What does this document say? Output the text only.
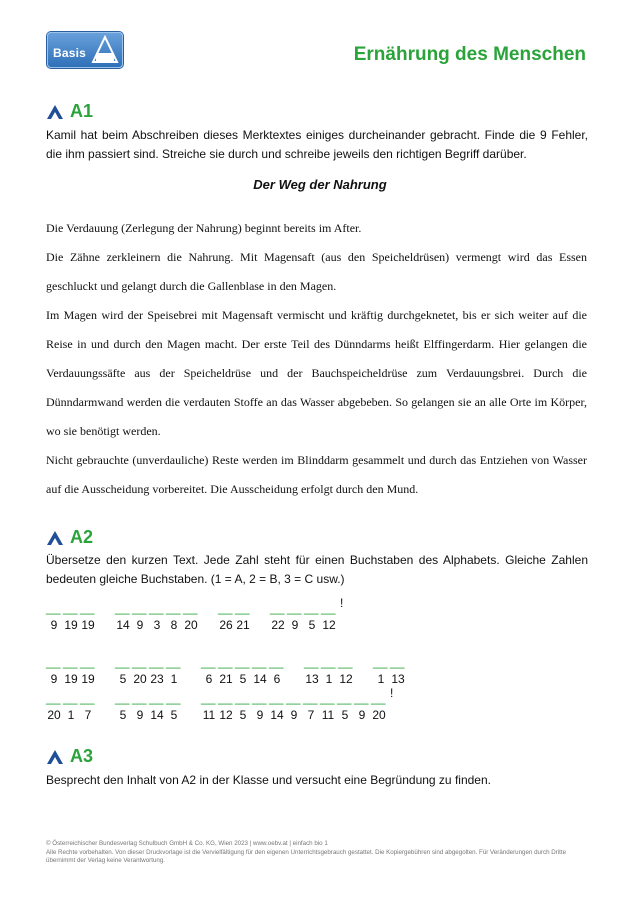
Basis	Ernährung des Menschen
A1
Kamil hat beim Abschreiben dieses Merktextes einiges durcheinander gebracht. Finde die 9 Fehler, die ihm passiert sind. Streiche sie durch und schreibe jeweils den richtigen Begriff darüber.
Der Weg der Nahrung

Die Verdauung (Zerlegung der Nahrung) beginnt bereits im After.

Die Zähne zerkleinern die Nahrung. Mit Magensaft (aus den Speicheldrüsen) vermengt wird das Essen geschluckt und gelangt durch die Gallenblase in den Magen.

Im Magen wird der Speisebrei mit Magensaft vermischt und kräftig durchgeknetet, bis er sich weiter auf die Reise in und durch den Magen macht. Der erste Teil des Dünndarms heißt Elffingerdarm. Hier gelangen die Verdauungssäfte aus der Speicheldrüse und der Bauchspeicheldrüse zum Verdauungsbrei. Durch die Dünndarmwand werden die verdauten Stoffe an das Wasser abgebeben. So gelangen sie an alle Orte im Körper, wo sie benötigt werden.

Nicht gebrauchte (unverdauliche) Reste werden im Blinddarm gesammelt und durch das Entziehen von Wasser auf die Ausscheidung vorbereitet. Die Ausscheidung erfolgt durch den Mund.

A2
Übersetze den kurzen Text. Jede Zahl steht für einen Buchstaben des Alphabets. Gleiche Zahlen bedeuten gleiche Buchstaben. (1 = A, 2 = B, 3 = C usw.)
__
9
__
19
__
19
__
14
__
9
__
3
__
8
__
20
__
26
__
21
__
22
__
9
__
5
__
12
!
__
9
__
19
__
19
__
5
__
20
__
23
__
1
__
6
__
21
__
5
__
14
__
6
__
13
__
1
__
12
__
1
__
13
__
20
__
1
__
7
__
5
__
9
__
14
__
5
__
11
__
12
__
5
__
9
__
14
__
9
__
7
__
11
__
5
__
9
__
20
!
A3
Besprecht den Inhalt von A2 in der Klasse und versucht eine Begründung zu finden.
© Österreichischer Bundesverlag Schulbuch GmbH & Co. KG, Wien 2023 | www.oebv.at | einfach bio 1
Alle Rechte vorbehalten. Von dieser Druckvorlage ist die Vervielfältigung für den eigenen Unterrichtsgebrauch gestattet. Die Kopiergebühren sind abgegolten. Für Veränderungen durch Dritte übernimmt der Verlag keine Verantwortung.
